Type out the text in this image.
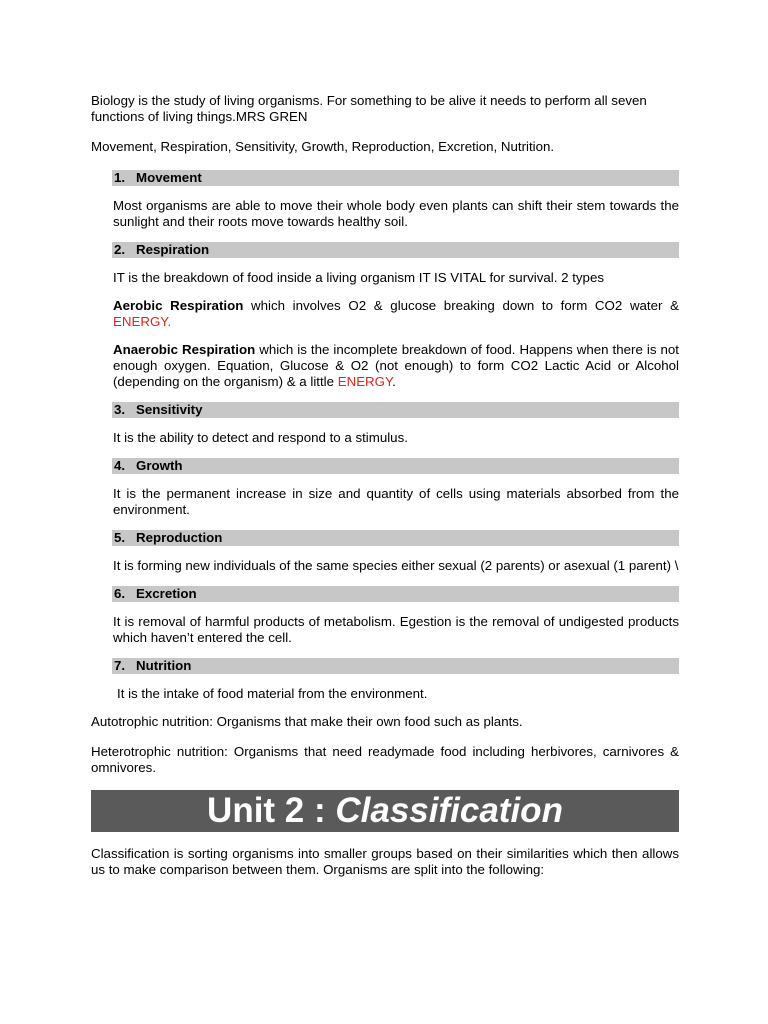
Biology is the study of living organisms. For something to be alive it needs to perform all seven functions of living things.MRS GREN

Movement, Respiration, Sensitivity, Growth, Reproduction, Excretion, Nutrition.

1. Movement

Most organisms are able to move their whole body even plants can shift their stem towards the sunlight and their roots move towards healthy soil.

2. Respiration

IT is the breakdown of food inside a living organism IT IS VITAL for survival. 2 types

Aerobic Respiration which involves O2 & glucose breaking down to form CO2 water & ENERGY.

Anaerobic Respiration which is the incomplete breakdown of food. Happens when there is not enough oxygen. Equation, Glucose & O2 (not enough) to form CO2 Lactic Acid or Alcohol (depending on the organism) & a little ENERGY.

3. Sensitivity

It is the ability to detect and respond to a stimulus.

4. Growth

It is the permanent increase in size and quantity of cells using materials absorbed from the environment.

5. Reproduction

It is forming new individuals of the same species either sexual (2 parents) or asexual (1 parent) \

6. Excretion

It is removal of harmful products of metabolism. Egestion is the removal of undigested products which haven’t entered the cell.

7. Nutrition

It is the intake of food material from the environment.

Autotrophic nutrition: Organisms that make their own food such as plants.

Heterotrophic nutrition: Organisms that need readymade food including herbivores, carnivores & omnivores.

Unit 2 : Classification

Classification is sorting organisms into smaller groups based on their similarities which then allows us to make comparison between them. Organisms are split into the following:
